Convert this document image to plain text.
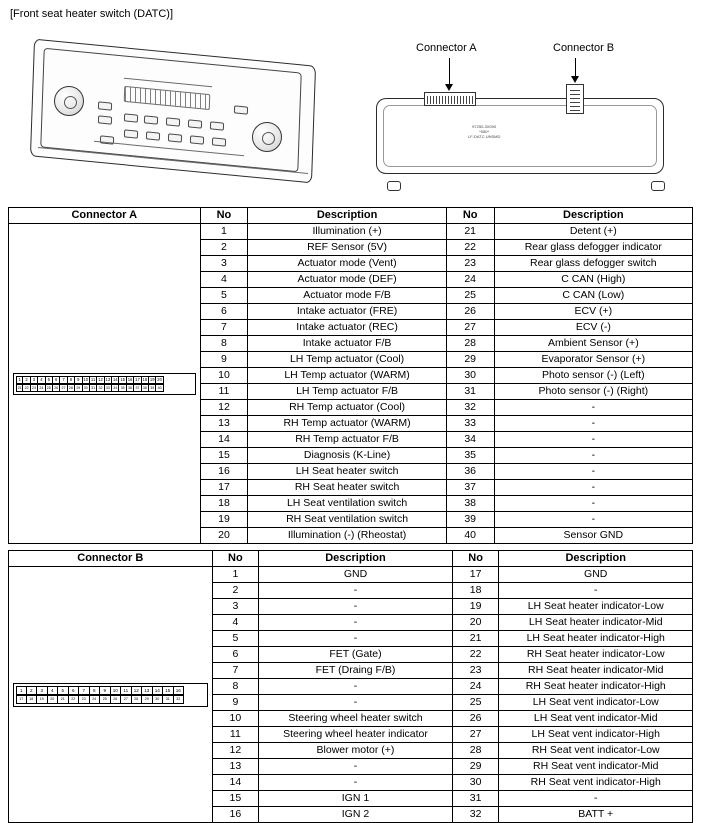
[Front seat heater switch (DATC)]
Connector A	Connector B
97250-3X000
*080*
LF-DATC UNSMD
Connector A	No	Description	No	Description

1	2	3	4	5	6	7	8	9 10 11 12 13 14 15 16 17 18 19 20
21 22 23 24 25 26 27 28 29 30 31 32 33 34 35 36 37 38 39 40
	1	Illumination (+)	21	Detent (+)
	2	REF Sensor (5V)	22	Rear glass defogger indicator
	3	Actuator mode (Vent)	23	Rear glass defogger switch
	4	Actuator mode (DEF)	24	C CAN (High)
	5	Actuator mode F/B	25	C CAN (Low)
	6	Intake actuator (FRE)	26	ECV (+)
	7	Intake actuator (REC)	27	ECV (-)
	8	Intake actuator F/B	28	Ambient Sensor (+)
	9	LH Temp actuator (Cool)	29	Evaporator Sensor (+)
	10	LH Temp actuator (WARM)	30	Photo sensor (-) (Left)
	11	LH Temp actuator F/B	31	Photo sensor (-) (Right)
	12	RH Temp actuator (Cool)	32	-
	13	RH Temp actuator (WARM)	33	-
	14	RH Temp actuator F/B	34	-
	15	Diagnosis (K-Line)	35	-
	16	LH Seat heater switch	36	-
	17	RH Seat heater switch	37	-
	18	LH Seat ventilation switch	38	-
	19	RH Seat ventilation switch	39	-
	20	Illumination (-) (Rheostat)	40	Sensor GND
Connector B	No	Description	No	Description

1	2	3	4	5	6	7	8	9	10	11	12	13	14	15	16
17	18	19	20	21	22	23	24	25	26	27	28	29	30	31	32
	1	GND	17	GND
	2	-	18	-
	3	-	19	LH Seat heater indicator-Low
	4	-	20	LH Seat heater indicator-Mid
	5	-	21	LH Seat heater indicator-High
	6	FET (Gate)	22	RH Seat heater indicator-Low
	7	FET (Draing F/B)	23	RH Seat heater indicator-Mid
	8	-	24	RH Seat heater indicator-High
	9	-	25	LH Seat vent indicator-Low
	10	Steering wheel heater switch	26	LH Seat vent indicator-Mid
	11	Steering wheel heater indicator	27	LH Seat vent indicator-High
	12	Blower motor (+)	28	RH Seat vent indicator-Low
	13	-	29	RH Seat vent indicator-Mid
	14	-	30	RH Seat vent indicator-High
	15	IGN 1	31	-
	16	IGN 2	32	BATT +
